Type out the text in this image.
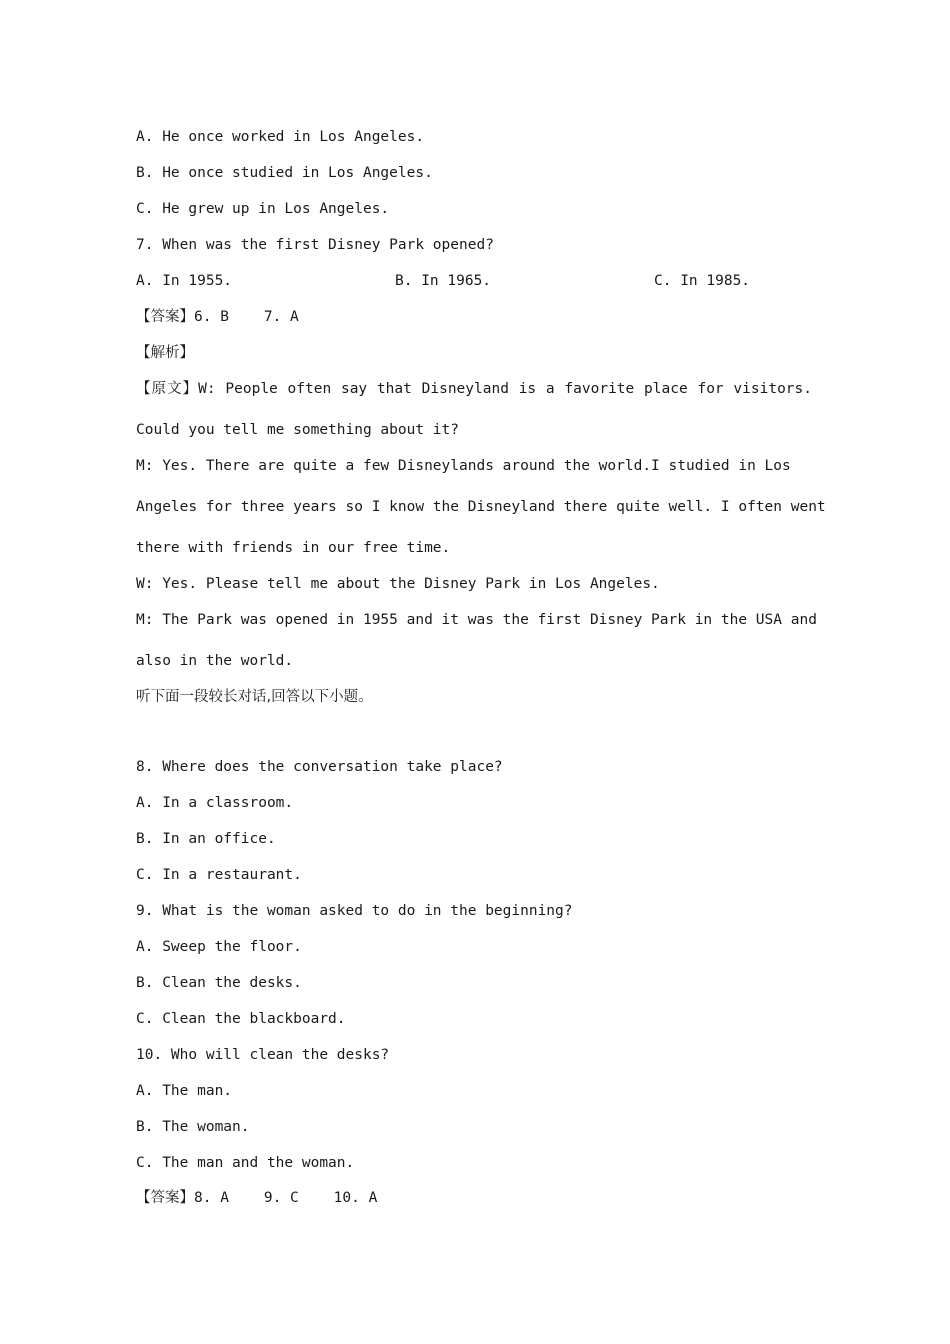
A. He once worked in Los Angeles.
B. He once studied in Los Angeles.
C. He grew up in Los Angeles.
7. When was the first Disney Park opened?
A. In 1955.	B. In 1965.	C. In 1985.
【答案】6. B    7. A
【解析】
【原文】W: People often say that Disneyland is a favorite place for visitors.
Could you tell me something about it?
M: Yes. There are quite a few Disneylands around the world.I studied in Los
Angeles for three years so I know the Disneyland there quite well. I often went
there with friends in our free time.
W: Yes. Please tell me about the Disney Park in Los Angeles.
M: The Park was opened in 1955 and it was the first Disney Park in the USA and
also in the world.
听下面一段较长对话,回答以下小题。
8. Where does the conversation take place?
A. In a classroom.
B. In an office.
C. In a restaurant.
9. What is the woman asked to do in the beginning?
A. Sweep the floor.
B. Clean the desks.
C. Clean the blackboard.
10. Who will clean the desks?
A. The man.
B. The woman.
C. The man and the woman.
【答案】8. A    9. C    10. A
